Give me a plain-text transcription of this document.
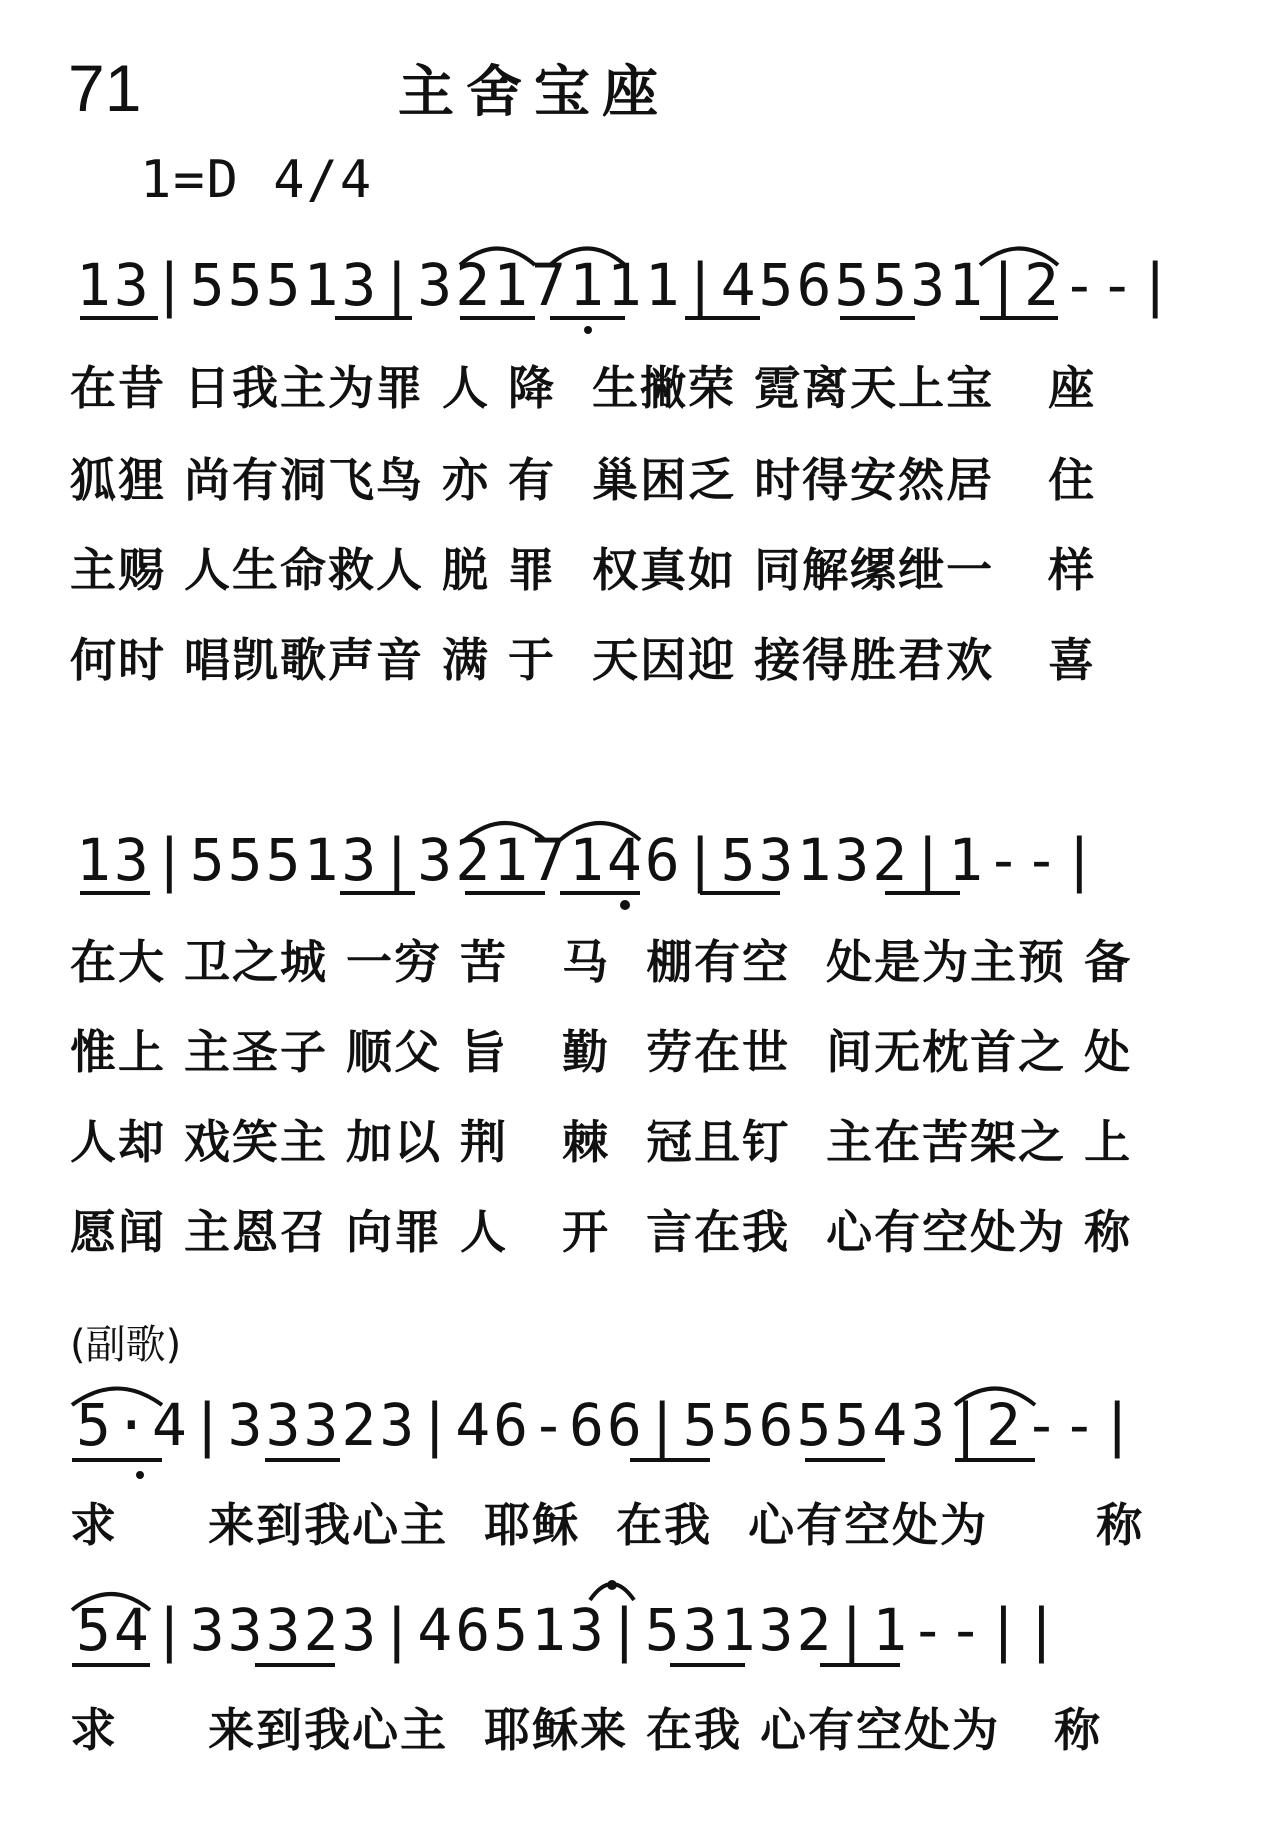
71	主舍宝座
1=D 4/4
13|55513|3217111|4565531|2--|
在昔 日我主为罪 人 降  生撇荣 霓离天上宝   座
狐狸 尚有洞飞鸟 亦 有  巢困乏 时得安然居   住
主赐 人生命救人 脱 罪  权真如 同解缧绁一   样
何时 唱凯歌声音 满 于  天因迎 接得胜君欢   喜
13|55513|3217146|53132|1--|
在大 卫之城 一穷 苦   马  棚有空  处是为主预 备
惟上 主圣子 顺父 旨   勤  劳在世  间无枕首之 处
人却 戏笑主 加以 荆   棘  冠且钉  主在苦架之 上
愿闻 主恩召 向罪 人   开  言在我  心有空处为 称
(副歌)
5·4|33323|46-66|5565543|2--|
求     来到我心主  耶稣  在我  心有空处为      称
54|33323|46513|53132|1--||
求     来到我心主  耶稣来 在我 心有空处为   称
